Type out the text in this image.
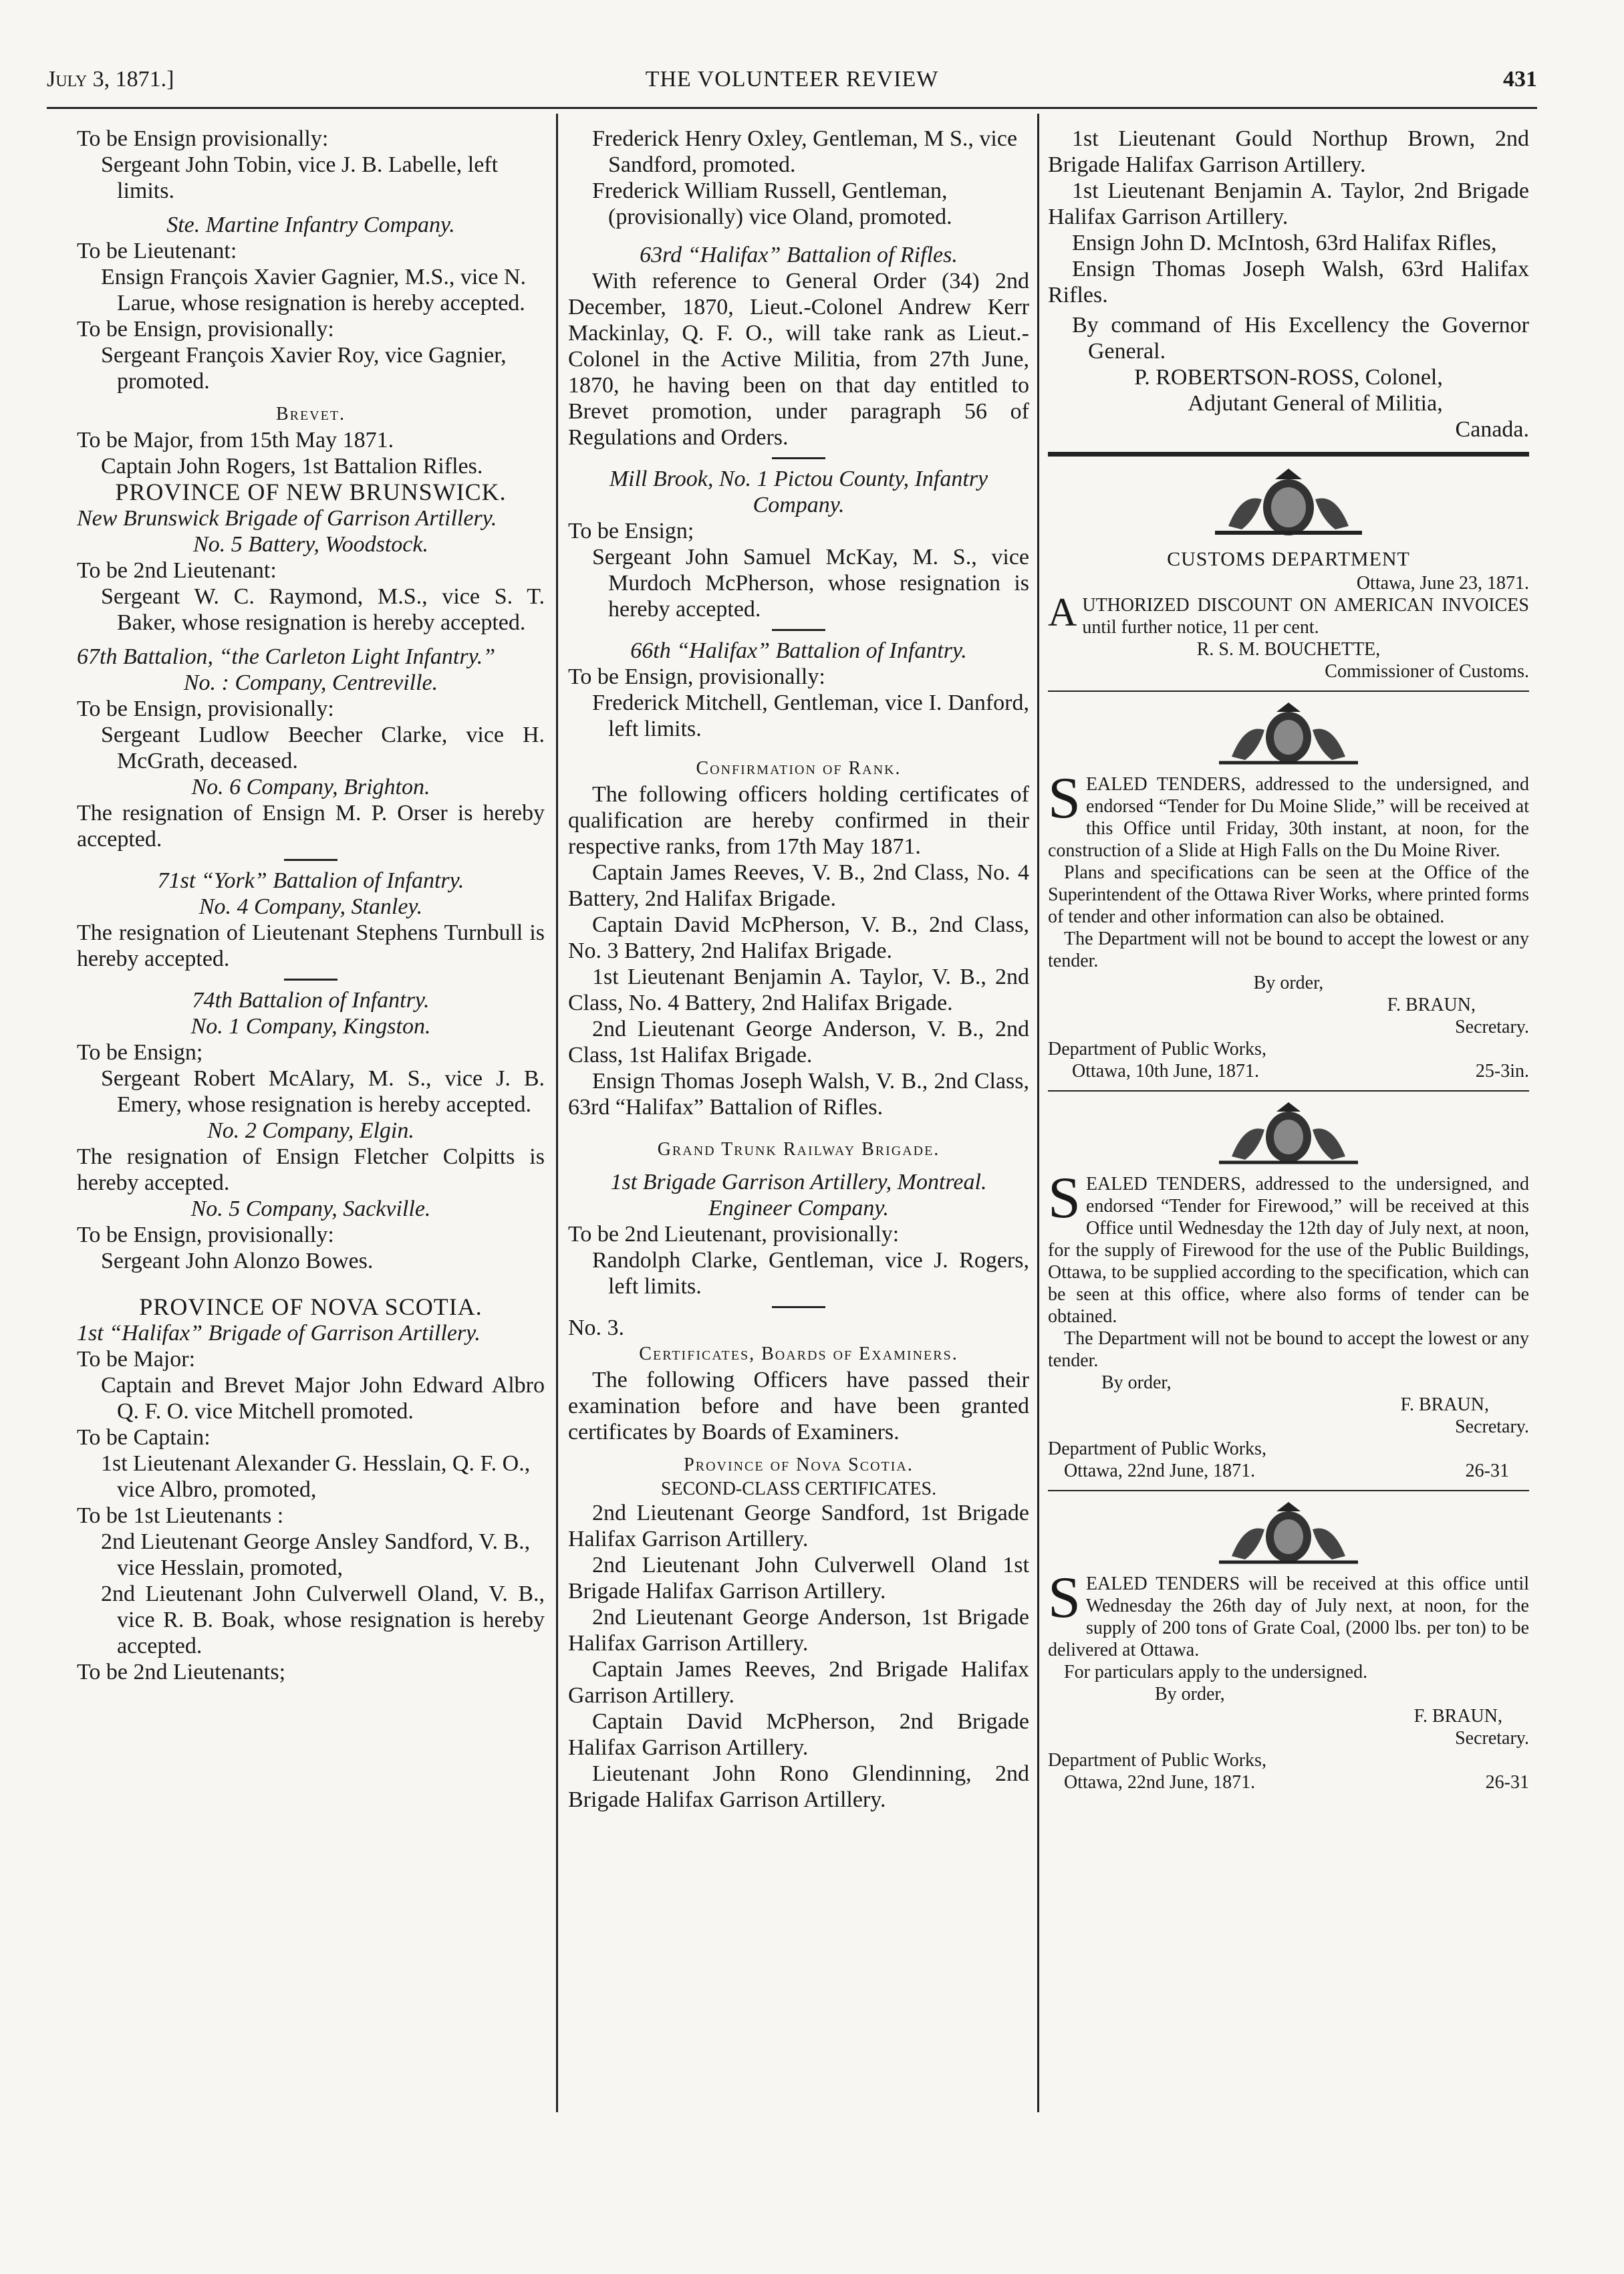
July 3, 1871.]	THE VOLUNTEER REVIEW	431

To be Ensign provisionally:

Sergeant John Tobin, vice J. B. Labelle, left limits.

Ste. Martine Infantry Company.

To be Lieutenant:

Ensign François Xavier Gagnier, M.S., vice N. Larue, whose resignation is hereby accepted.

To be Ensign, provisionally:

Sergeant François Xavier Roy, vice Gagnier, promoted.

Brevet.

To be Major, from 15th May 1871.

Captain John Rogers, 1st Battalion Rifles.

PROVINCE OF NEW BRUNSWICK.

New Brunswick Brigade of Garrison Artillery.

No. 5 Battery, Woodstock.

To be 2nd Lieutenant:

Sergeant W. C. Raymond, M.S., vice S. T. Baker, whose resignation is hereby accepted.

67th Battalion, “the Carleton Light Infantry.”

No. : Company, Centreville.

To be Ensign, provisionally:

Sergeant Ludlow Beecher Clarke, vice H. McGrath, deceased.

No. 6 Company, Brighton.

The resignation of Ensign M. P. Orser is hereby accepted.

71st “York” Battalion of Infantry.

No. 4 Company, Stanley.

The resignation of Lieutenant Stephens Turnbull is hereby accepted.

74th Battalion of Infantry.

No. 1 Company, Kingston.

To be Ensign;

Sergeant Robert McAlary, M. S., vice J. B. Emery, whose resignation is hereby accepted.

No. 2 Company, Elgin.

The resignation of Ensign Fletcher Colpitts is hereby accepted.

No. 5 Company, Sackville.

To be Ensign, provisionally:

Sergeant John Alonzo Bowes.

PROVINCE OF NOVA SCOTIA.

1st “Halifax” Brigade of Garrison Artillery.

To be Major:

Captain and Brevet Major John Edward Albro Q. F. O. vice Mitchell promoted.

To be Captain:

1st Lieutenant Alexander G. Hesslain, Q. F. O., vice Albro, promoted,

To be 1st Lieutenants :

2nd Lieutenant George Ansley Sandford, V. B., vice Hesslain, promoted,

2nd Lieutenant John Culverwell Oland, V. B., vice R. B. Boak, whose resignation is hereby accepted.

To be 2nd Lieutenants;

Frederick Henry Oxley, Gentleman, M S., vice Sandford, promoted.

Frederick William Russell, Gentleman, (provisionally) vice Oland, promoted.

63rd “Halifax” Battalion of Rifles.

With reference to General Order (34) 2nd December, 1870, Lieut.-Colonel Andrew Kerr Mackinlay, Q. F. O., will take rank as Lieut.-Colonel in the Active Militia, from 27th June, 1870, he having been on that day entitled to Brevet promotion, under paragraph 56 of Regulations and Orders.

Mill Brook, No. 1 Pictou County, Infantry Company.

To be Ensign;

Sergeant John Samuel McKay, M. S., vice Murdoch McPherson, whose resignation is hereby accepted.

66th “Halifax” Battalion of Infantry.

To be Ensign, provisionally:

Frederick Mitchell, Gentleman, vice I. Danford, left limits.

Confirmation of Rank.

The following officers holding certificates of qualification are hereby confirmed in their respective ranks, from 17th May 1871.

Captain James Reeves, V. B., 2nd Class, No. 4 Battery, 2nd Halifax Brigade.

Captain David McPherson, V. B., 2nd Class, No. 3 Battery, 2nd Halifax Brigade.

1st Lieutenant Benjamin A. Taylor, V. B., 2nd Class, No. 4 Battery, 2nd Halifax Brigade.

2nd Lieutenant George Anderson, V. B., 2nd Class, 1st Halifax Brigade.

Ensign Thomas Joseph Walsh, V. B., 2nd Class, 63rd “Halifax” Battalion of Rifles.

Grand Trunk Railway Brigade.

1st Brigade Garrison Artillery, Montreal.

Engineer Company.

To be 2nd Lieutenant, provisionally:

Randolph Clarke, Gentleman, vice J. Rogers, left limits.

No. 3.

Certificates, Boards of Examiners.

The following Officers have passed their examination before and have been granted certificates by Boards of Examiners.

Province of Nova Scotia.

SECOND-CLASS CERTIFICATES.

2nd Lieutenant George Sandford, 1st Brigade Halifax Garrison Artillery.

2nd Lieutenant John Culverwell Oland 1st Brigade Halifax Garrison Artillery.

2nd Lieutenant George Anderson, 1st Brigade Halifax Garrison Artillery.

Captain James Reeves, 2nd Brigade Halifax Garrison Artillery.

Captain David McPherson, 2nd Brigade Halifax Garrison Artillery.

Lieutenant John Rono Glendinning, 2nd Brigade Halifax Garrison Artillery.

1st Lieutenant Gould Northup Brown, 2nd Brigade Halifax Garrison Artillery.

1st Lieutenant Benjamin A. Taylor, 2nd Brigade Halifax Garrison Artillery.

Ensign John D. McIntosh, 63rd Halifax Rifles,

Ensign Thomas Joseph Walsh, 63rd Halifax Rifles.

By command of His Excellency the Governor General.

P. ROBERTSON-ROSS, Colonel,

Adjutant General of Militia,

Canada.

CUSTOMS DEPARTMENT

Ottawa, June 23, 1871.

AUTHORIZED DISCOUNT ON AMERICAN INVOICES until further notice, 11 per cent.

R. S. M. BOUCHETTE,

Commissioner of Customs.

SEALED TENDERS, addressed to the undersigned, and endorsed “Tender for Du Moine Slide,” will be received at this Office until Friday, 30th instant, at noon, for the construction of a Slide at High Falls on the Du Moine River.

Plans and specifications can be seen at the Office of the Superintendent of the Ottawa River Works, where printed forms of tender and other information can also be obtained.

The Department will not be bound to accept the lowest or any tender.

By order,

F. BRAUN,

Secretary.

Department of Public Works,

Ottawa, 10th June, 1871.	25-3in.

SEALED TENDERS, addressed to the undersigned, and endorsed “Tender for Firewood,” will be received at this Office until Wednesday the 12th day of July next, at noon, for the supply of Firewood for the use of the Public Buildings, Ottawa, to be supplied according to the specification, which can be seen at this office, where also forms of tender can be obtained.

The Department will not be bound to accept the lowest or any tender.

By order,

F. BRAUN,

Secretary.

Department of Public Works,

Ottawa, 22nd June, 1871.	26-31

SEALED TENDERS will be received at this office until Wednesday the 26th day of July next, at noon, for the supply of 200 tons of Grate Coal, (2000 lbs. per ton) to be delivered at Ottawa.

For particulars apply to the undersigned.

By order,

F. BRAUN,

Secretary.

Department of Public Works,

Ottawa, 22nd June, 1871.	26-31
